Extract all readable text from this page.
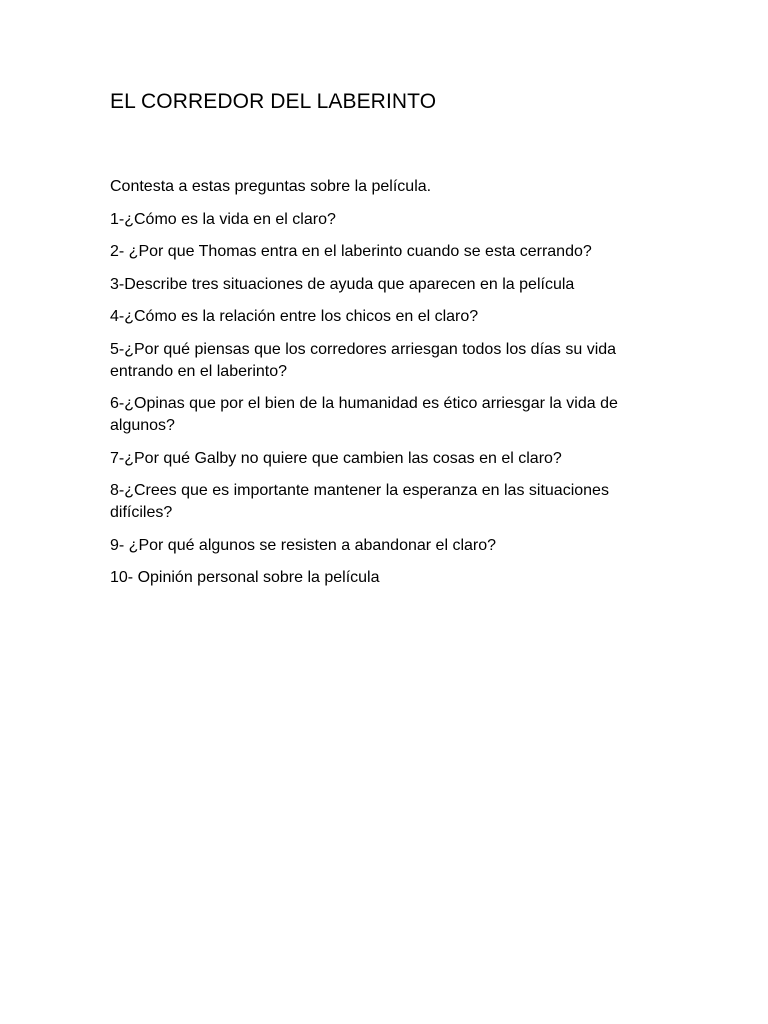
EL CORREDOR DEL LABERINTO

Contesta a estas preguntas sobre la película.

1-¿Cómo es la vida en el claro?

2- ¿Por que Thomas entra en el laberinto cuando se esta cerrando?

3-Describe tres situaciones de ayuda que aparecen en la película

4-¿Cómo es la relación entre los chicos en el claro?

5-¿Por qué piensas que los corredores arriesgan todos los días su vida entrando en el laberinto?

6-¿Opinas que por el bien de la humanidad es ético arriesgar la vida de algunos?

7-¿Por qué Galby no quiere que cambien las cosas en el claro?

8-¿Crees que es importante mantener la esperanza en las situaciones difíciles?

9- ¿Por qué algunos se resisten a abandonar el claro?

10- Opinión personal sobre la película
